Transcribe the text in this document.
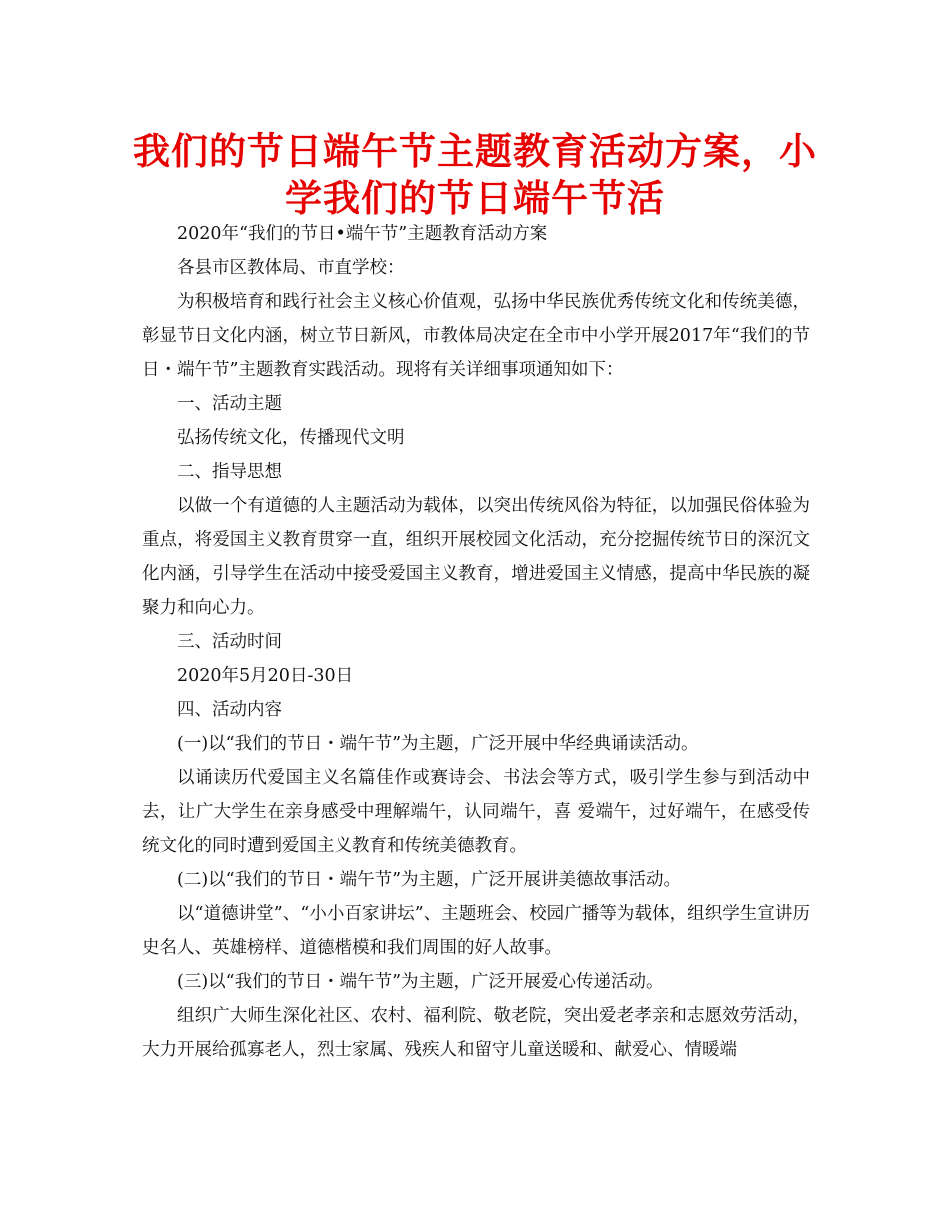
我们的节日端午节主题教育活动方案，小学我们的节日端午节活

2020年“我们的节日•端午节”主题教育活动方案

各县市区教体局、市直学校：

为积极培育和践行社会主义核心价值观，弘扬中华民族优秀传统文化和传统美德，彰显节日文化内涵，树立节日新风，市教体局决定在全市中小学开展2017年“我们的节日・端午节”主题教育实践活动。现将有关详细事项通知如下：

一、活动主题

弘扬传统文化，传播现代文明

二、指导思想

以做一个有道德的人主题活动为载体，以突出传统风俗为特征，以加强民俗体验为重点，将爱国主义教育贯穿一直，组织开展校园文化活动，充分挖掘传统节日的深沉文化内涵，引导学生在活动中接受爱国主义教育，增进爱国主义情感，提高中华民族的凝聚力和向心力。

三、活动时间

2020年5月20日-30日

四、活动内容

(一)以“我们的节日・端午节”为主题，广泛开展中华经典诵读活动。

以诵读历代爱国主义名篇佳作或赛诗会、书法会等方式，吸引学生参与到活动中去，让广大学生在亲身感受中理解端午，认同端午，喜 爱端午，过好端午，在感受传统文化的同时遭到爱国主义教育和传统美德教育。

(二)以“我们的节日・端午节”为主题，广泛开展讲美德故事活动。

以“道德讲堂”、“小小百家讲坛”、主题班会、校园广播等为载体，组织学生宣讲历史名人、英雄榜样、道德楷模和我们周围的好人故事。

(三)以“我们的节日・端午节”为主题，广泛开展爱心传递活动。

组织广大师生深化社区、农村、福利院、敬老院，突出爱老孝亲和志愿效劳活动，大力开展给孤寡老人，烈士家属、残疾人和留守儿童送暖和、献爱心、情暖端
